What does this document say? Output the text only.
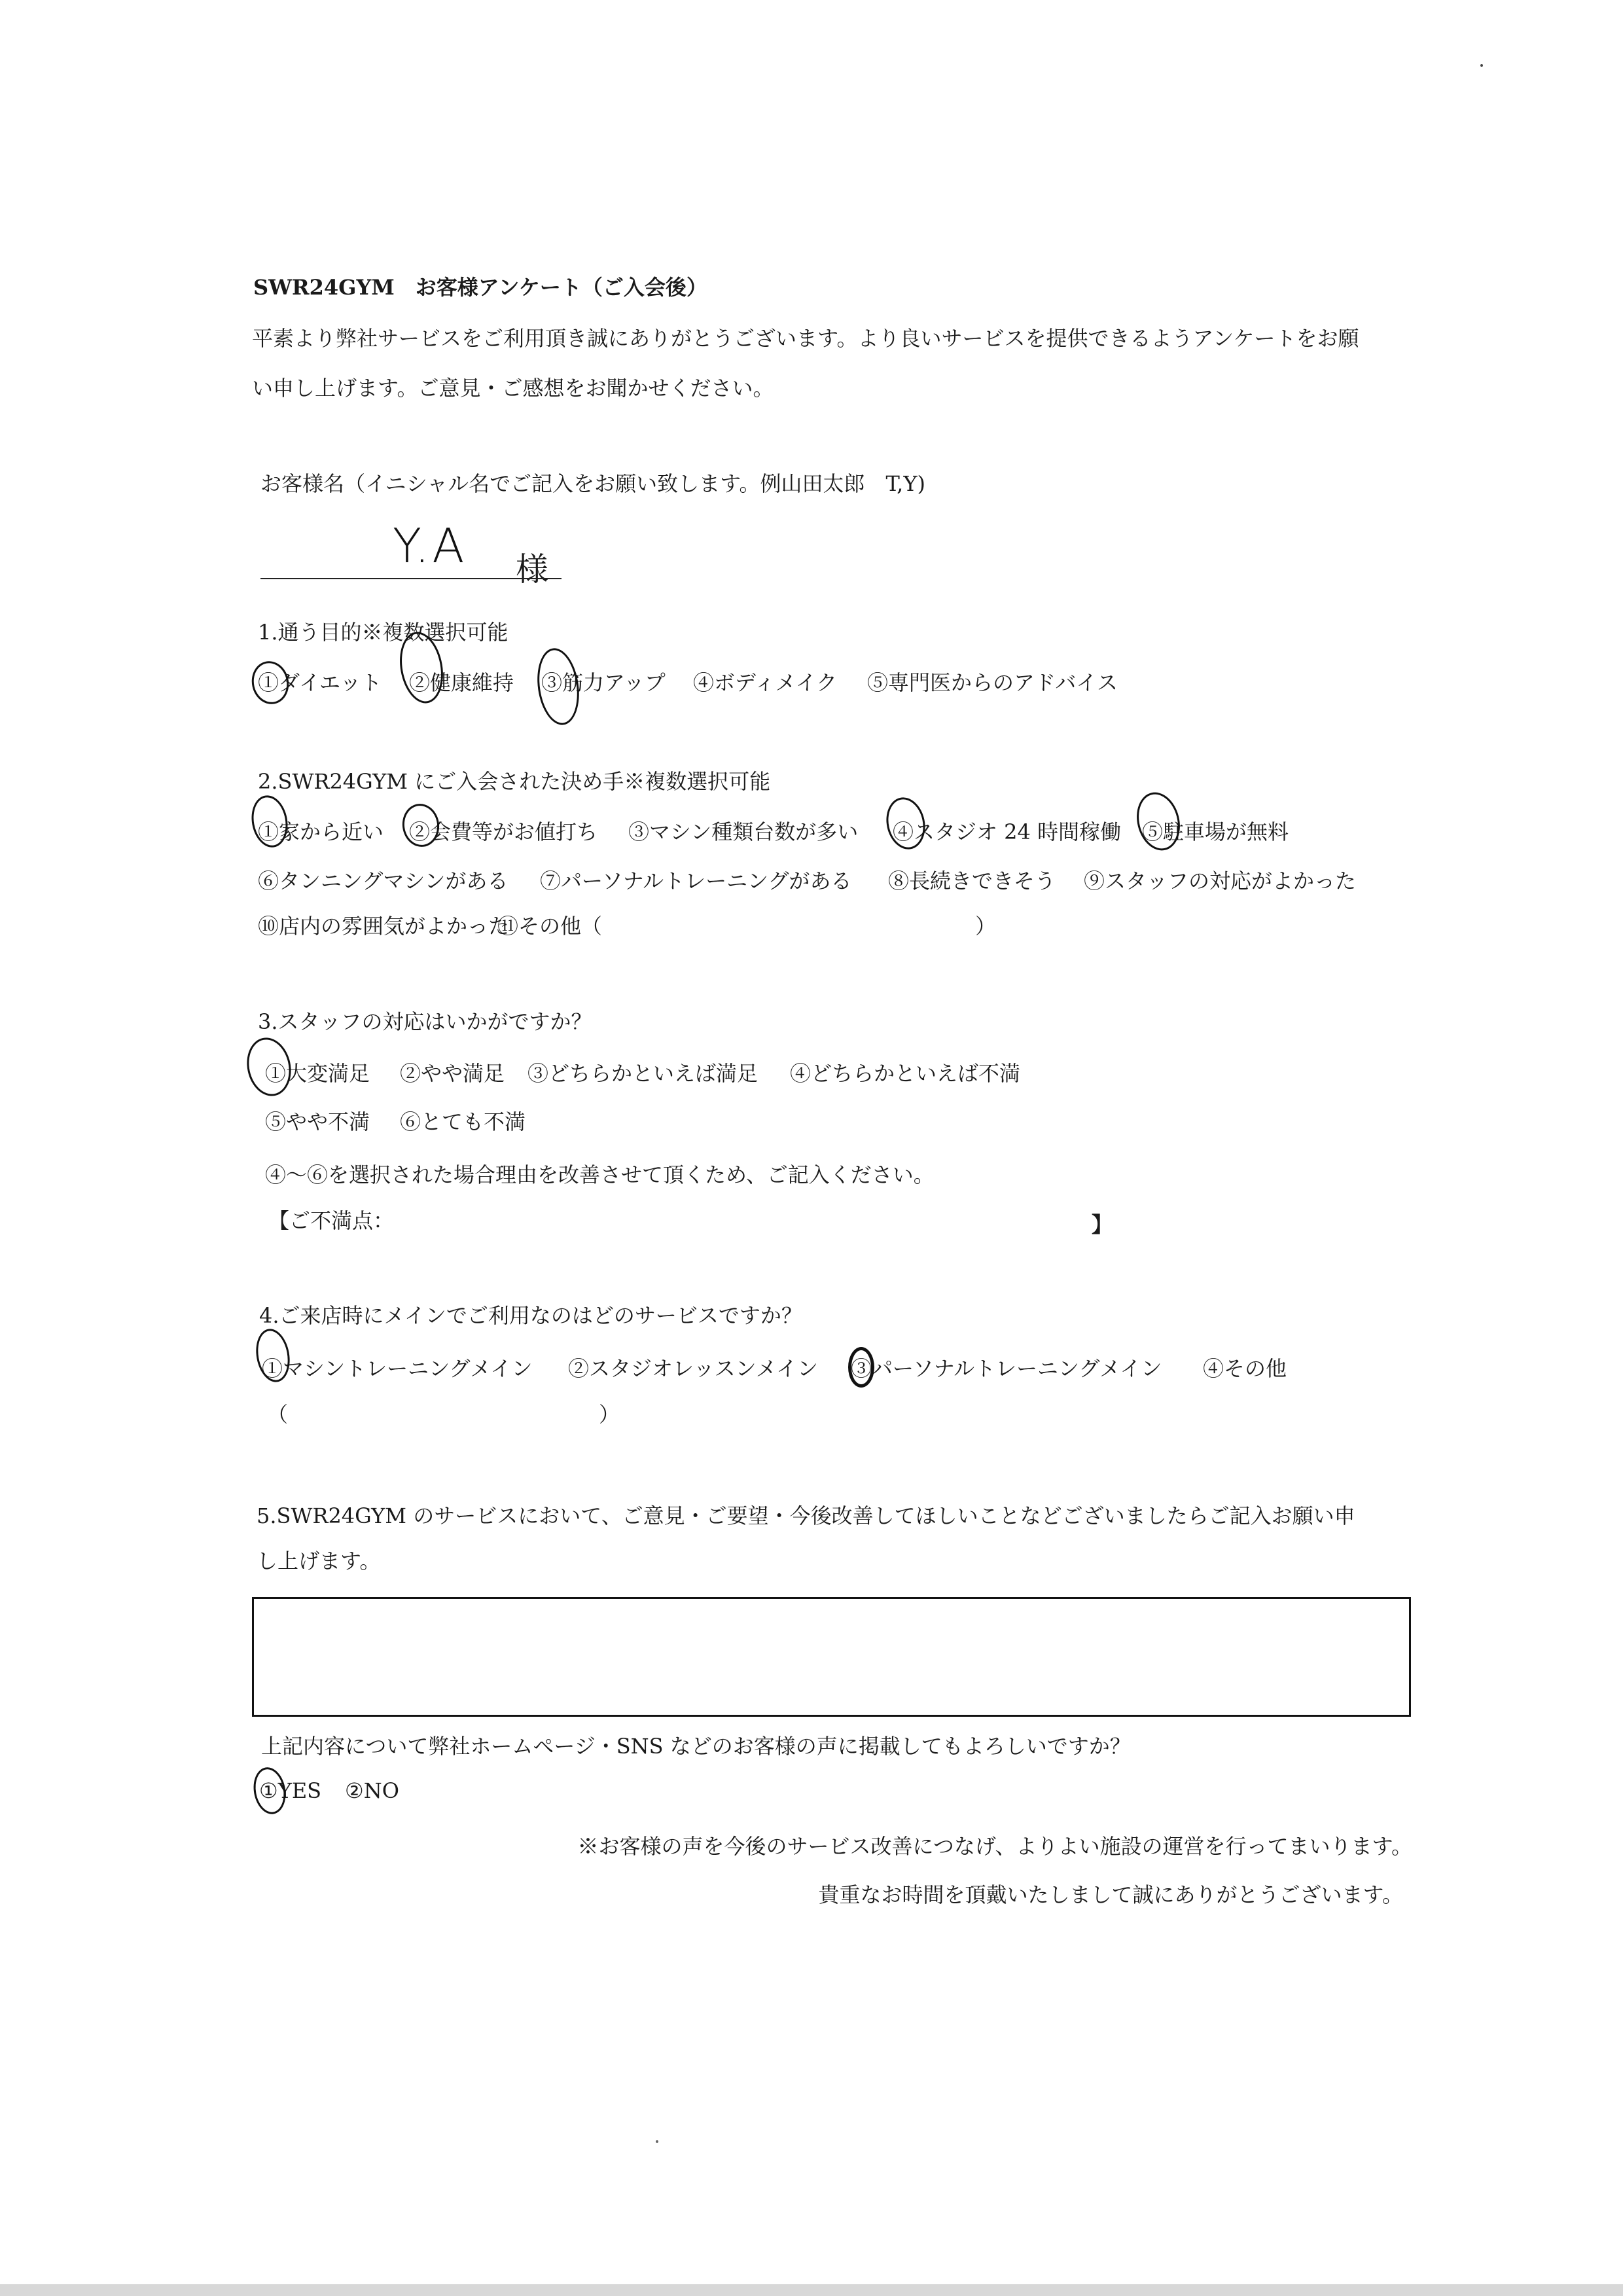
SWR24GYM　お客様アンケート（ご入会後）
平素より弊社サービスをご利用頂き誠にありがとうございます。より良いサービスを提供できるようアンケートをお願
い申し上げます。ご意見・ご感想をお聞かせください。
お客様名（イニシャル名でご記入をお願い致します。例山田太郎　T,Y)
Y.A 様
1.通う目的※複数選択可能
①ダイエット ②健康維持 ③筋力アップ ④ボディメイク ⑤専門医からのアドバイス
2.SWR24GYM にご入会された決め手※複数選択可能
①家から近い ②会費等がお値打ち ③マシン種類台数が多い ④スタジオ 24 時間稼働 ⑤駐車場が無料
⑥タンニングマシンがある ⑦パーソナルトレーニングがある ⑧長続きできそう ⑨スタッフの対応がよかった
⑩店内の雰囲気がよかった
⑪その他（	）
3.スタッフの対応はいかがですか？
①大変満足 ②やや満足 ③どちらかといえば満足 ④どちらかといえば不満
⑤やや不満 ⑥とても不満
④～⑥を選択された場合理由を改善させて頂くため、ご記入ください。
【ご不満点：	】
4.ご来店時にメインでご利用なのはどのサービスですか？
①マシントレーニングメイン ②スタジオレッスンメイン ③パーソナルトレーニングメイン ④その他
（	）
5.SWR24GYM のサービスにおいて、ご意見・ご要望・今後改善してほしいことなどございましたらご記入お願い申
し上げます。
上記内容について弊社ホームページ・SNS などのお客様の声に掲載してもよろしいですか？
①YES ②NO
※お客様の声を今後のサービス改善につなげ、よりよい施設の運営を行ってまいります。
貴重なお時間を頂戴いたしまして誠にありがとうございます。
